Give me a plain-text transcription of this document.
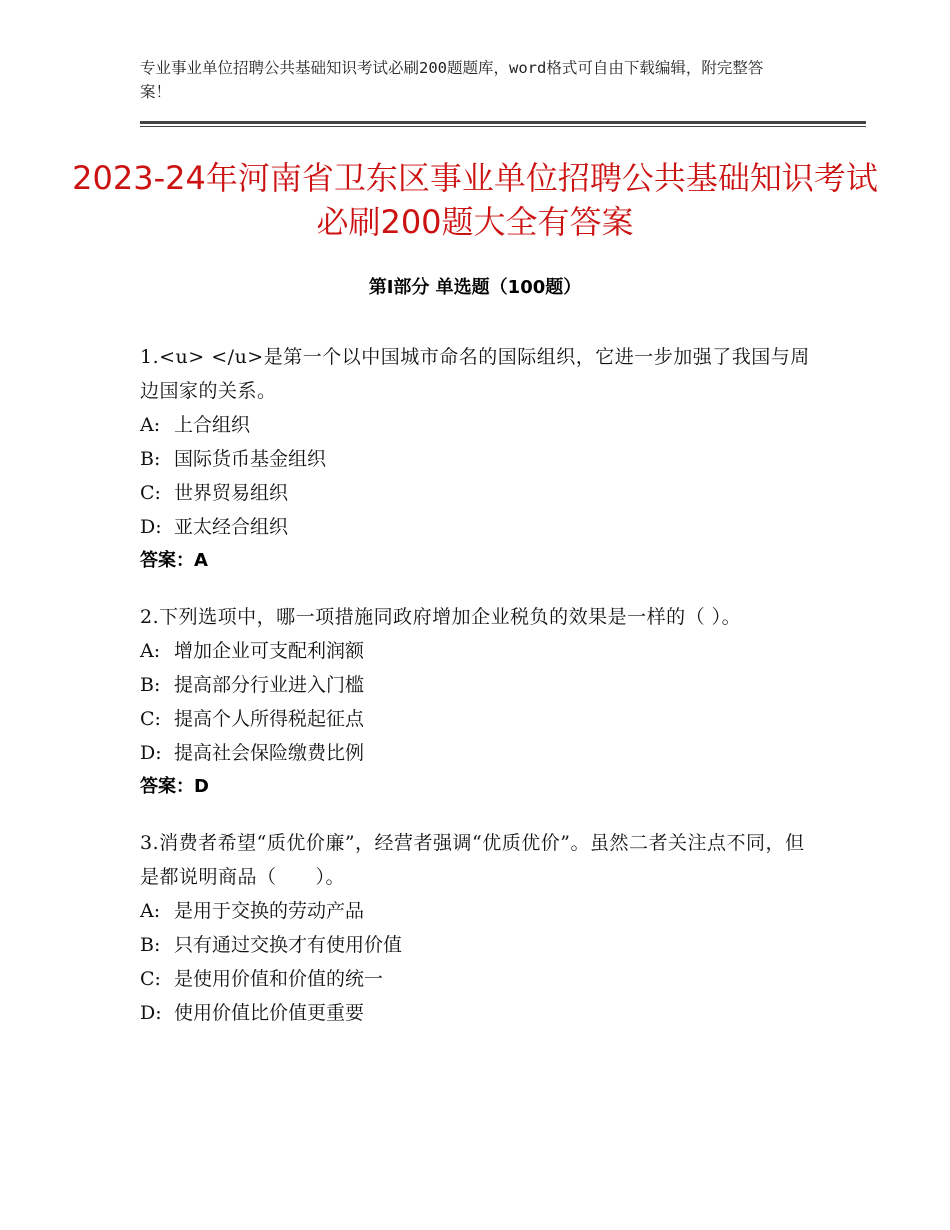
专业事业单位招聘公共基础知识考试必刷200题题库，word格式可自由下载编辑，附完整答案！
2023-24年河南省卫东区事业单位招聘公共基础知识考试必刷200题大全有答案
第Ⅰ部分 单选题（100题）
1.<u> </u>是第一个以中国城市命名的国际组织，它进一步加强了我国与周边国家的关系。
A: 上合组织
B: 国际货币基金组织
C: 世界贸易组织
D: 亚太经合组织
答案：A
2.下列选项中，哪一项措施同政府增加企业税负的效果是一样的（ ）。
A: 增加企业可支配利润额
B: 提高部分行业进入门槛
C: 提高个人所得税起征点
D: 提高社会保险缴费比例
答案：D
3.消费者希望“质优价廉”，经营者强调“优质优价”。虽然二者关注点不同，但是都说明商品（　　）。
A: 是用于交换的劳动产品
B: 只有通过交换才有使用价值
C: 是使用价值和价值的统一
D: 使用价值比价值更重要
